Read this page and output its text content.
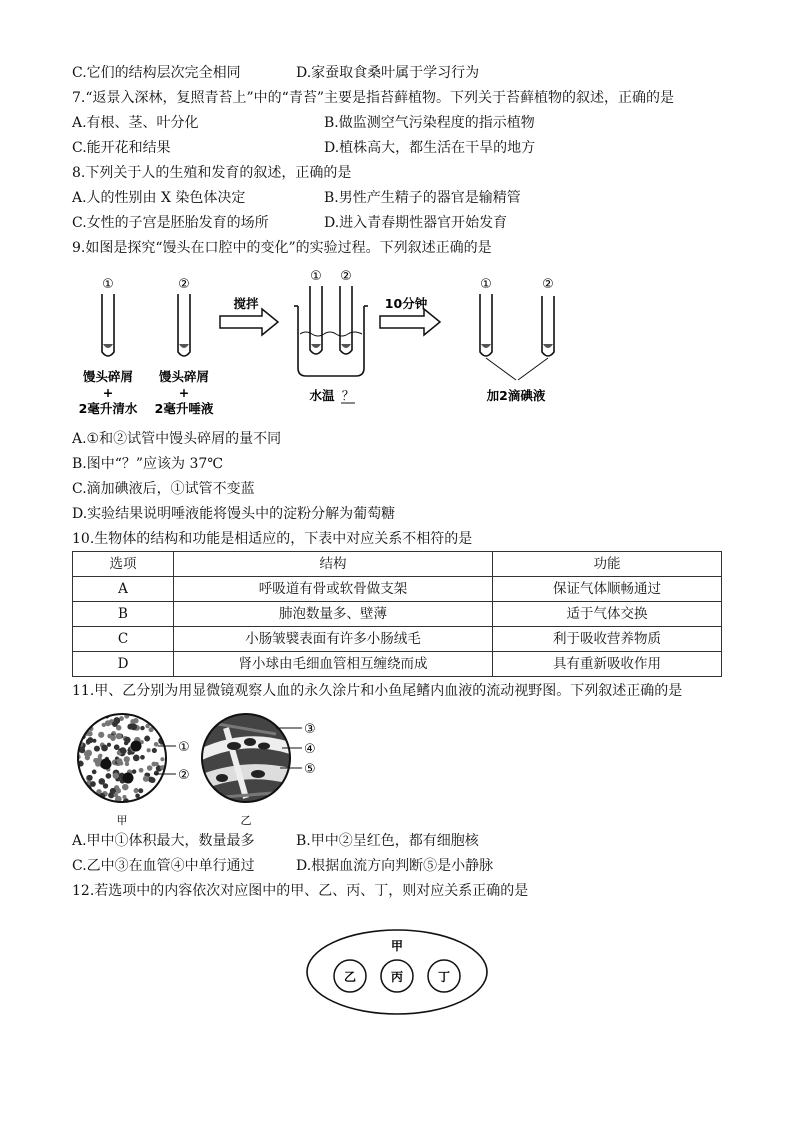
C.它们的结构层次完全相同	D.家蚕取食桑叶属于学习行为
7.“返景入深林，复照青苔上”中的“青苔”主要是指苔藓植物。下列关于苔藓植物的叙述，正确的是
A.有根、茎、叶分化	B.做监测空气污染程度的指示植物
C.能开花和结果	D.植株高大，都生活在干旱的地方
8.下列关于人的生殖和发育的叙述，正确的是
A.人的性别由 X 染色体决定	B.男性产生精子的器官是输精管
C.女性的子宫是胚胎发育的场所	D.进入青春期性器官开始发育
9.如图是探究“馒头在口腔中的变化”的实验过程。下列叙述正确的是
①
馒头碎屑
+
2毫升清水
②
馒头碎屑
+
2毫升唾液
搅拌
① ②
水温 ？
10分钟
①	②
加2滴碘液
A.①和②试管中馒头碎屑的量不同
B.图中“？”应该为 37℃
C.滴加碘液后，①试管不变蓝
D.实验结果说明唾液能将馒头中的淀粉分解为葡萄糖
10.生物体的结构和功能是相适应的，下表中对应关系不相符的是
选项	结构	功能
A	呼吸道有骨或软骨做支架	保证气体顺畅通过
B	肺泡数量多、壁薄	适于气体交换
C	小肠皱襞表面有许多小肠绒毛	利于吸收营养物质
D	肾小球由毛细血管相互缠绕而成	具有重新吸收作用
11.甲、乙分别为用显微镜观察人血的永久涂片和小鱼尾鳍内血液的流动视野图。下列叙述正确的是
①
②
甲
③
④
⑤
乙
A.甲中①体积最大，数量最多	B.甲中②呈红色，都有细胞核
C.乙中③在血管④中单行通过	D.根据血流方向判断⑤是小静脉
12.若选项中的内容依次对应图中的甲、乙、丙、丁，则对应关系正确的是
甲
乙	丙	丁
